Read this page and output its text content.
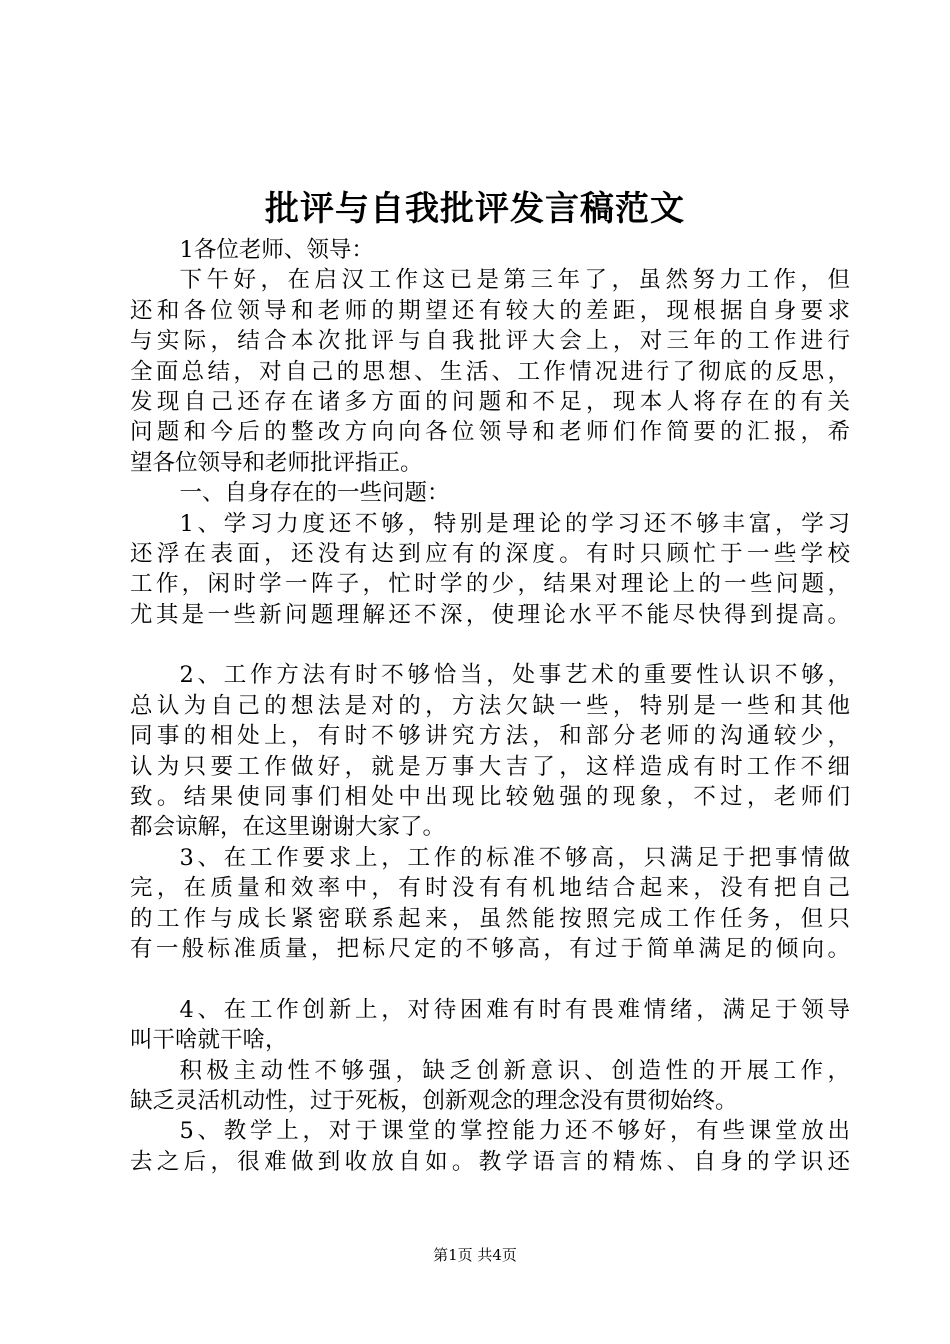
批评与自我批评发言稿范文
1各位老师、领导：
下午好，在启汉工作这已是第三年了，虽然努力工作，但
还和各位领导和老师的期望还有较大的差距，现根据自身要求
与实际，结合本次批评与自我批评大会上，对三年的工作进行
全面总结，对自己的思想、生活、工作情况进行了彻底的反思，
发现自己还存在诸多方面的问题和不足，现本人将存在的有关
问题和今后的整改方向向各位领导和老师们作简要的汇报，希
望各位领导和老师批评指正。
一、自身存在的一些问题：
1、学习力度还不够，特别是理论的学习还不够丰富，学习
还浮在表面，还没有达到应有的深度。有时只顾忙于一些学校
工作，闲时学一阵子，忙时学的少，结果对理论上的一些问题，
尤其是一些新问题理解还不深，使理论水平不能尽快得到提高。
2、工作方法有时不够恰当，处事艺术的重要性认识不够，
总认为自己的想法是对的，方法欠缺一些，特别是一些和其他
同事的相处上，有时不够讲究方法，和部分老师的沟通较少，
认为只要工作做好，就是万事大吉了，这样造成有时工作不细
致。结果使同事们相处中出现比较勉强的现象，不过，老师们
都会谅解，在这里谢谢大家了。
3、在工作要求上，工作的标准不够高，只满足于把事情做
完，在质量和效率中，有时没有有机地结合起来，没有把自己
的工作与成长紧密联系起来，虽然能按照完成工作任务，但只
有一般标准质量，把标尺定的不够高，有过于简单满足的倾向。
4、在工作创新上，对待困难有时有畏难情绪，满足于领导
叫干啥就干啥，
积极主动性不够强，缺乏创新意识、创造性的开展工作，
缺乏灵活机动性，过于死板，创新观念的理念没有贯彻始终。
5、教学上，对于课堂的掌控能力还不够好，有些课堂放出
去之后，很难做到收放自如。教学语言的精炼、自身的学识还
第1页 共4页
